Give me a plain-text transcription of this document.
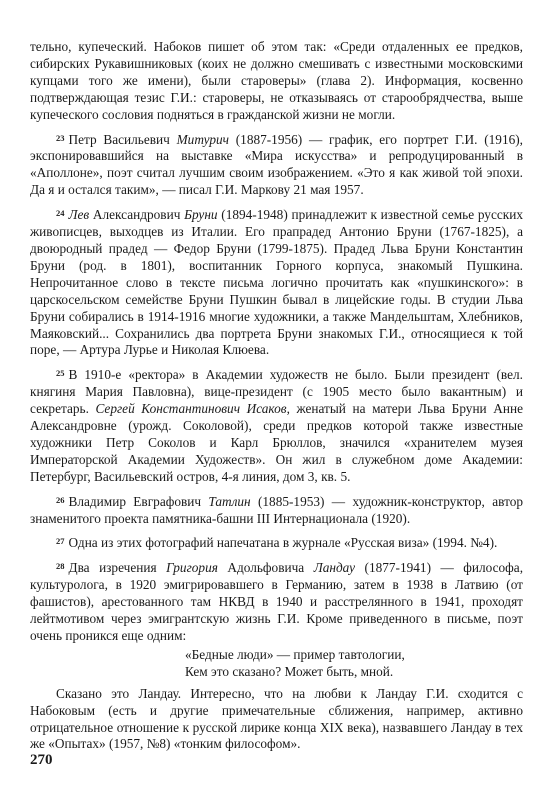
тельно, купеческий. Набоков пишет об этом так: «Среди отдаленных ее предков, сибирских Рукавишниковых (коих не должно смешивать с известными московскими купцами того же имени), были староверы» (глава 2). Информация, косвенно подтверждающая тезис Г.И.: староверы, не отказываясь от старообрядчества, выше купеческого сословия подняться в гражданской жизни не могли.

$^{23}$ Петр Васильевич Митурич (1887-1956) — график, его портрет Г.И. (1916), экспонировавшийся на выставке «Мира искусства» и репродуцированный в «Аполлоне», поэт считал лучшим своим изображением. «Это я как живой той эпохи. Да я и остался таким», — писал Г.И. Маркову 21 мая 1957.

$^{24}$ Лев Александрович Бруни (1894-1948) принадлежит к известной семье русских живописцев, выходцев из Италии. Его прапрадед Антонио Бруни (1767-1825), а двоюродный прадед — Федор Бруни (1799-1875). Прадед Льва Бруни Константин Бруни (род. в 1801), воспитанник Горного корпуса, знакомый Пушкина. Непрочитанное слово в тексте письма логично прочитать как «пушкинского»: в царскосельском семействе Бруни Пушкин бывал в лицейские годы. В студии Льва Бруни собирались в 1914-1916 многие художники, а также Мандельштам, Хлебников, Маяковский... Сохранились два портрета Бруни знакомых Г.И., относящиеся к той поре, — Артура Лурье и Николая Клюева.

$^{25}$ В 1910-е «ректора» в Академии художеств не было. Были президент (вел. княгиня Мария Павловна), вице-президент (с 1905 место было вакантным) и секретарь. Сергей Константинович Исаков, женатый на матери Льва Бруни Анне Александровне (урожд. Соколовой), среди предков которой также известные художники Петр Соколов и Карл Брюллов, значился «хранителем музея Императорской Академии Художеств». Он жил в служебном доме Академии: Петербург, Васильевский остров, 4-я линия, дом 3, кв. 5.

$^{26}$ Владимир Евграфович Татлин (1885-1953) — художник-конструктор, автор знаменитого проекта памятника-башни III Интернационала (1920).

$^{27}$ Одна из этих фотографий напечатана в журнале «Русская виза» (1994. №4).

$^{28}$ Два изречения Григория Адольфовича Ландау (1877-1941) — философа, культуролога, в 1920 эмигрировавшего в Германию, затем в 1938 в Латвию (от фашистов), арестованного там НКВД в 1940 и расстрелянного в 1941, проходят лейтмотивом через эмигрантскую жизнь Г.И. Кроме приведенного в письме, поэт очень проникся еще одним:

«Бедные люди» — пример тавтологии,
Кем это сказано? Может быть, мной.

Сказано это Ландау. Интересно, что на любви к Ландау Г.И. сходится с Набоковым (есть и другие примечательные сближения, например, активно отрицательное отношение к русской лирике конца XIX века), назвавшего Ландау в тех же «Опытах» (1957, №8) «тонким философом».

270
